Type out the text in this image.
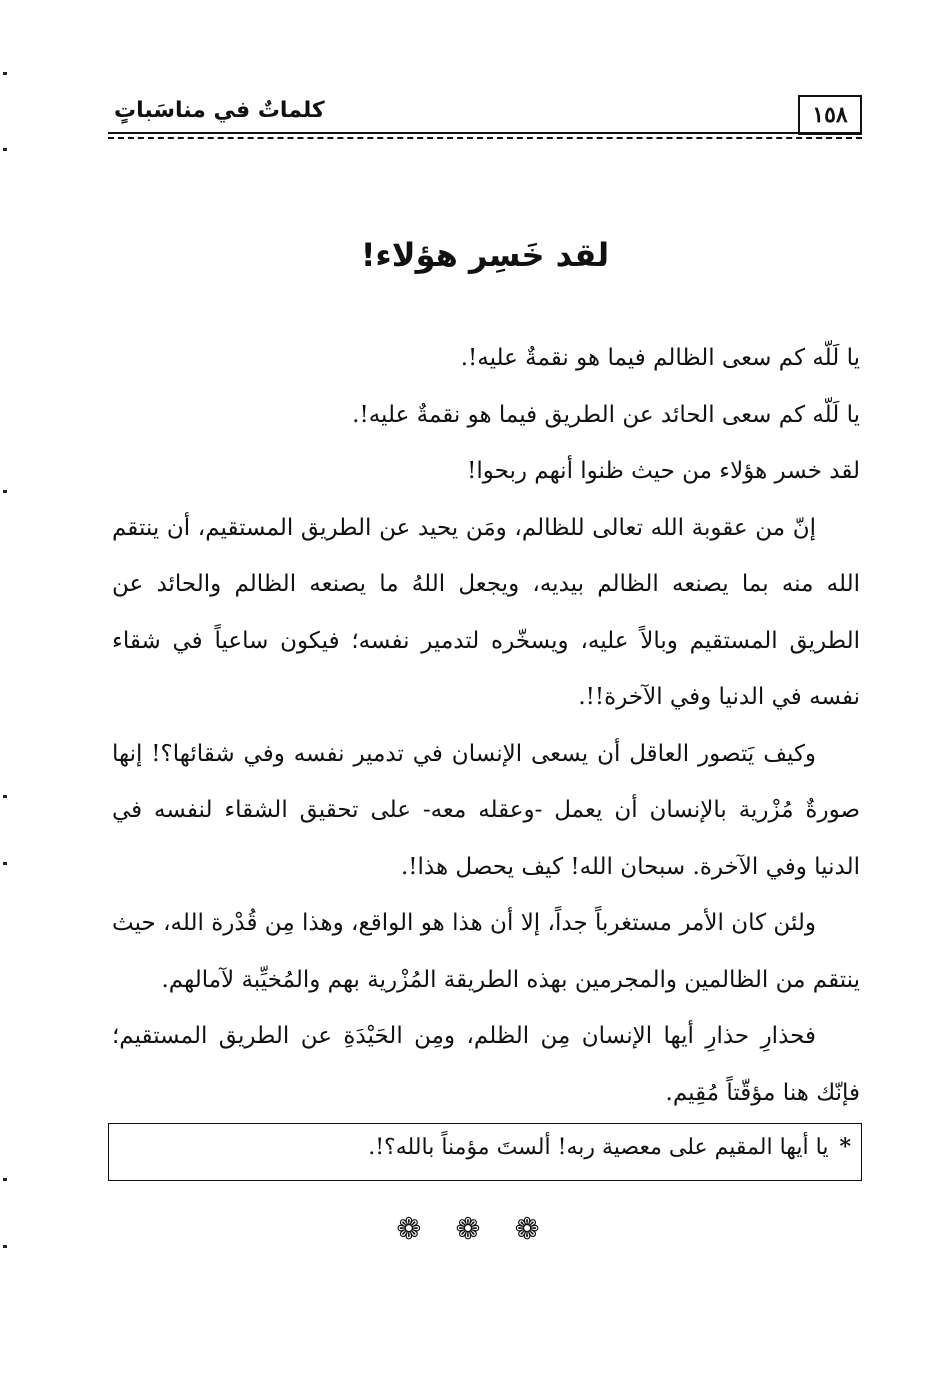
١٥٨
كلماتٌ في مناسَباتٍ
لقد خَسِر هؤلاء!

يا لَلّه كم سعى الظالم فيما هو نقمةٌ عليه!.

يا لَلّه كم سعى الحائد عن الطريق فيما هو نقمةٌ عليه!.

لقد خسر هؤلاء من حيث ظنوا أنهم ربحوا!

إنّ من عقوبة الله تعالى للظالم، ومَن يحيد عن الطريق المستقيم، أن ينتقم الله منه بما يصنعه الظالم بيديه، ويجعل اللهُ ما يصنعه الظالم والحائد عن الطريق المستقيم وبالاً عليه، ويسخّره لتدمير نفسه؛ فيكون ساعياً في شقاء نفسه في الدنيا وفي الآخرة!!.

وكيف يَتصور العاقل أن يسعى الإنسان في تدمير نفسه وفي شقائها؟! إنها صورةٌ مُزْرية بالإنسان أن يعمل -وعقله معه- على تحقيق الشقاء لنفسه في الدنيا وفي الآخرة. سبحان الله! كيف يحصل هذا!.

ولئن كان الأمر مستغرباً جداً، إلا أن هذا هو الواقع، وهذا مِن قُدْرة الله، حيث ينتقم من الظالمين والمجرمين بهذه الطريقة المُزْرية بهم والمُخيِّبة لآمالهم.

فحذارِ حذارِ أيها الإنسان مِن الظلم، ومِن الحَيْدَةِ عن الطريق المستقيم؛ فإنّك هنا مؤقّتاً مُقِيم.

* يا أيها المقيم على معصية ربه! ألستَ مؤمناً بالله؟!.
❁❁❁
